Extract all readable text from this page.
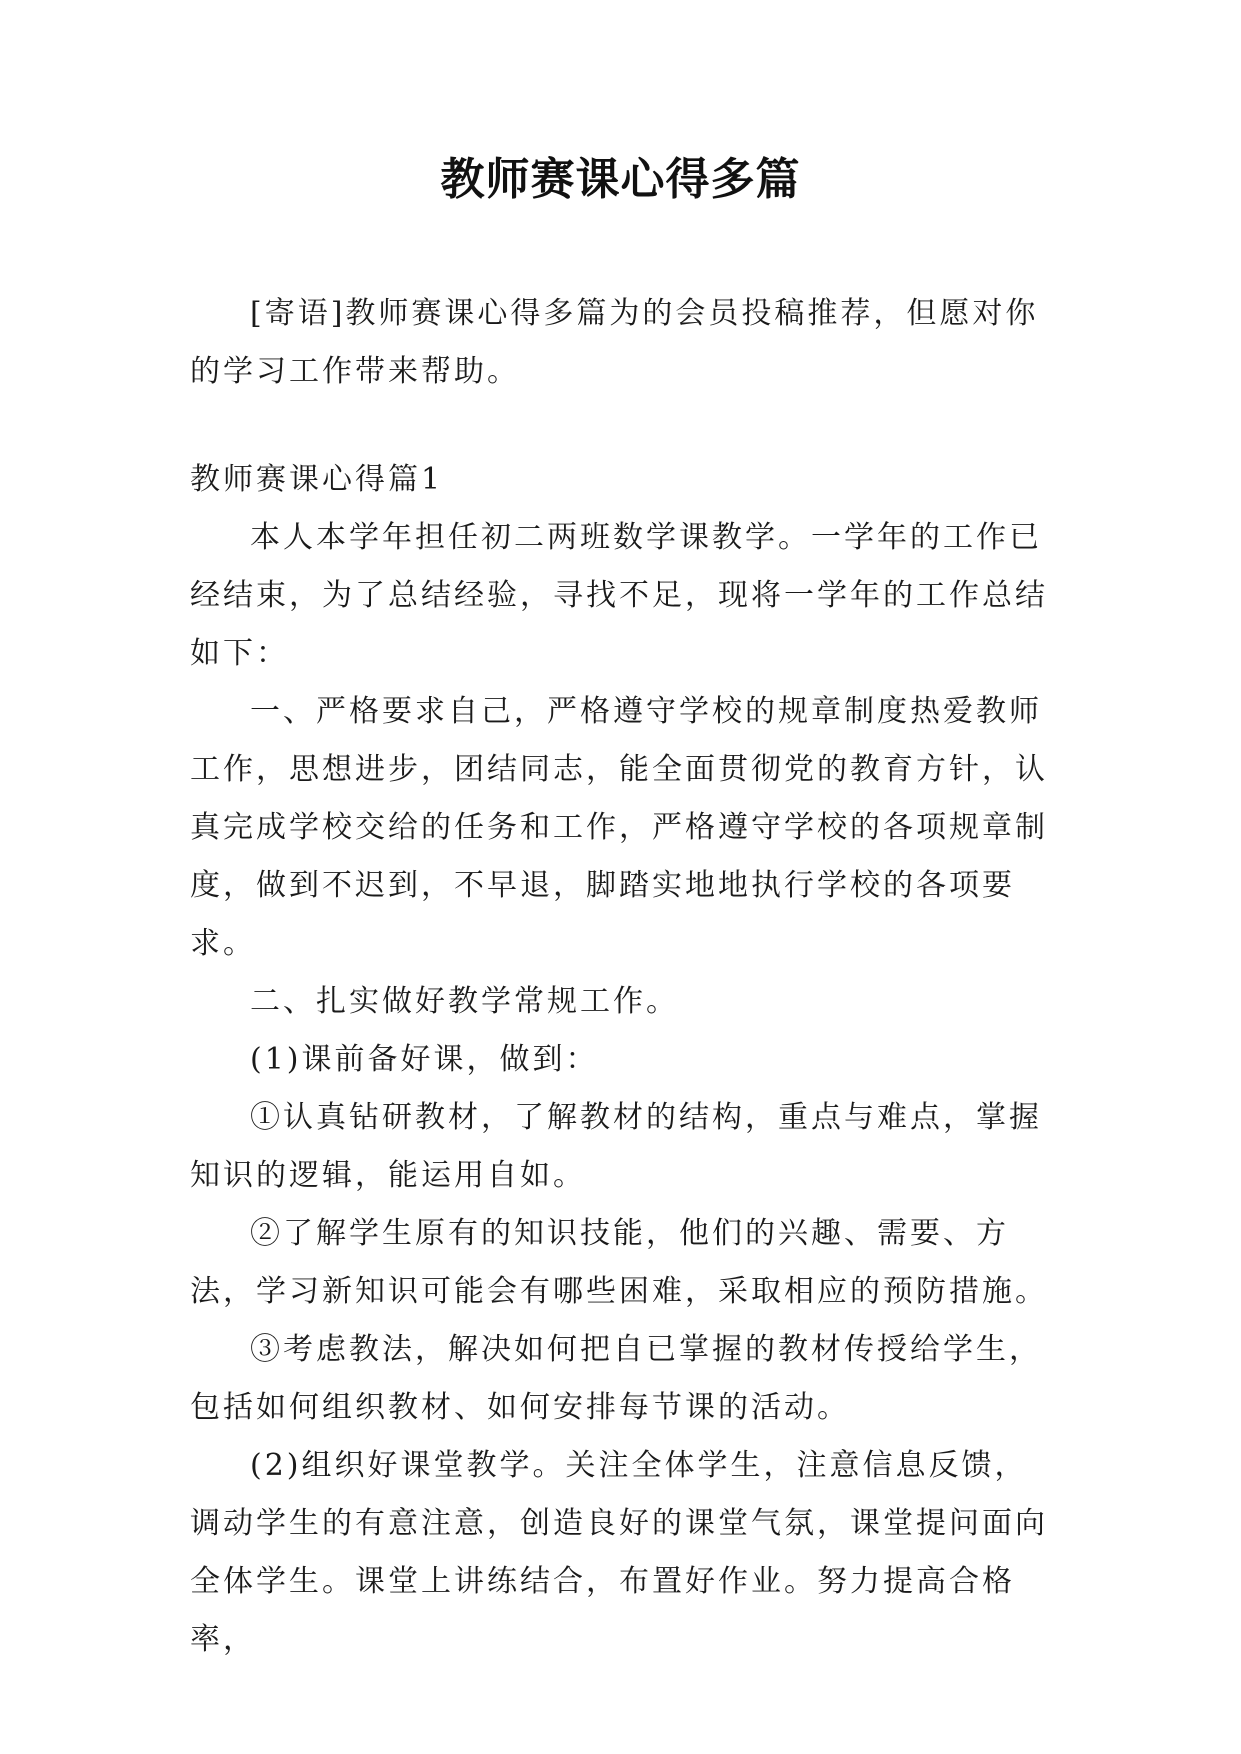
教师赛课心得多篇

[寄语]教师赛课心得多篇为的会员投稿推荐，但愿对你的学习工作带来帮助。

教师赛课心得篇1

本人本学年担任初二两班数学课教学。一学年的工作已经结束，为了总结经验，寻找不足，现将一学年的工作总结如下：

一、严格要求自己，严格遵守学校的规章制度热爱教师工作，思想进步，团结同志，能全面贯彻党的教育方针，认真完成学校交给的任务和工作，严格遵守学校的各项规章制度，做到不迟到，不早退，脚踏实地地执行学校的各项要求。

二、扎实做好教学常规工作。

(1)课前备好课，做到：

①认真钻研教材，了解教材的结构，重点与难点，掌握知识的逻辑，能运用自如。

②了解学生原有的知识技能，他们的兴趣、需要、方法，学习新知识可能会有哪些困难，采取相应的预防措施。

③考虑教法，解决如何把自已掌握的教材传授给学生，包括如何组织教材、如何安排每节课的活动。

(2)组织好课堂教学。关注全体学生，注意信息反馈，调动学生的有意注意，创造良好的课堂气氛，课堂提问面向全体学生。课堂上讲练结合，布置好作业。努力提高合格率，
